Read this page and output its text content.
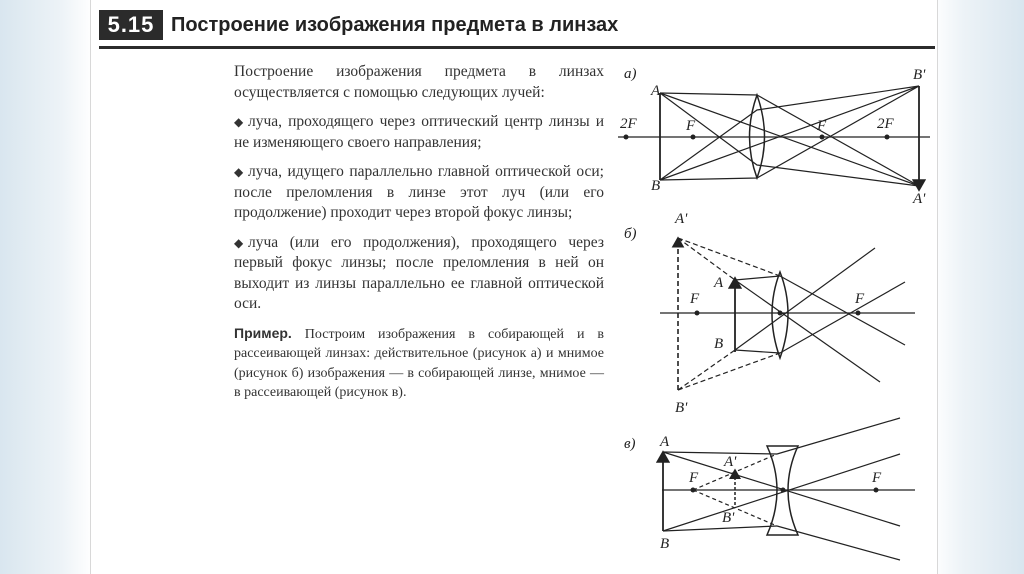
5.15 Построение изображения предмета в линзах

Построение изображения предмета в линзах осуществляется с помощью следующих лучей:

◆ луча, проходящего через оптический центр линзы и не изменяющего своего направления;

◆ луча, идущего параллельно главной оптической оси; после преломления в линзе этот луч (или его продолжение) проходит через второй фокус линзы;

◆ луча (или его продолжения), проходящего через первый фокус линзы; после преломления в ней он выходит из линзы параллельно ее главной оптической оси.

Пример. Построим изображения в собирающей и в рассеивающей линзах: действительное (рисунок а) и мнимое (рисунок б) изображения — в собирающей линзе, мнимое — в рассеивающей (рисунок в).

а)
A
B
B'
A'
2F	F	F	2F
б)
A'
A
B
B'
F	F
в) A
B
A'
B'
F	F
